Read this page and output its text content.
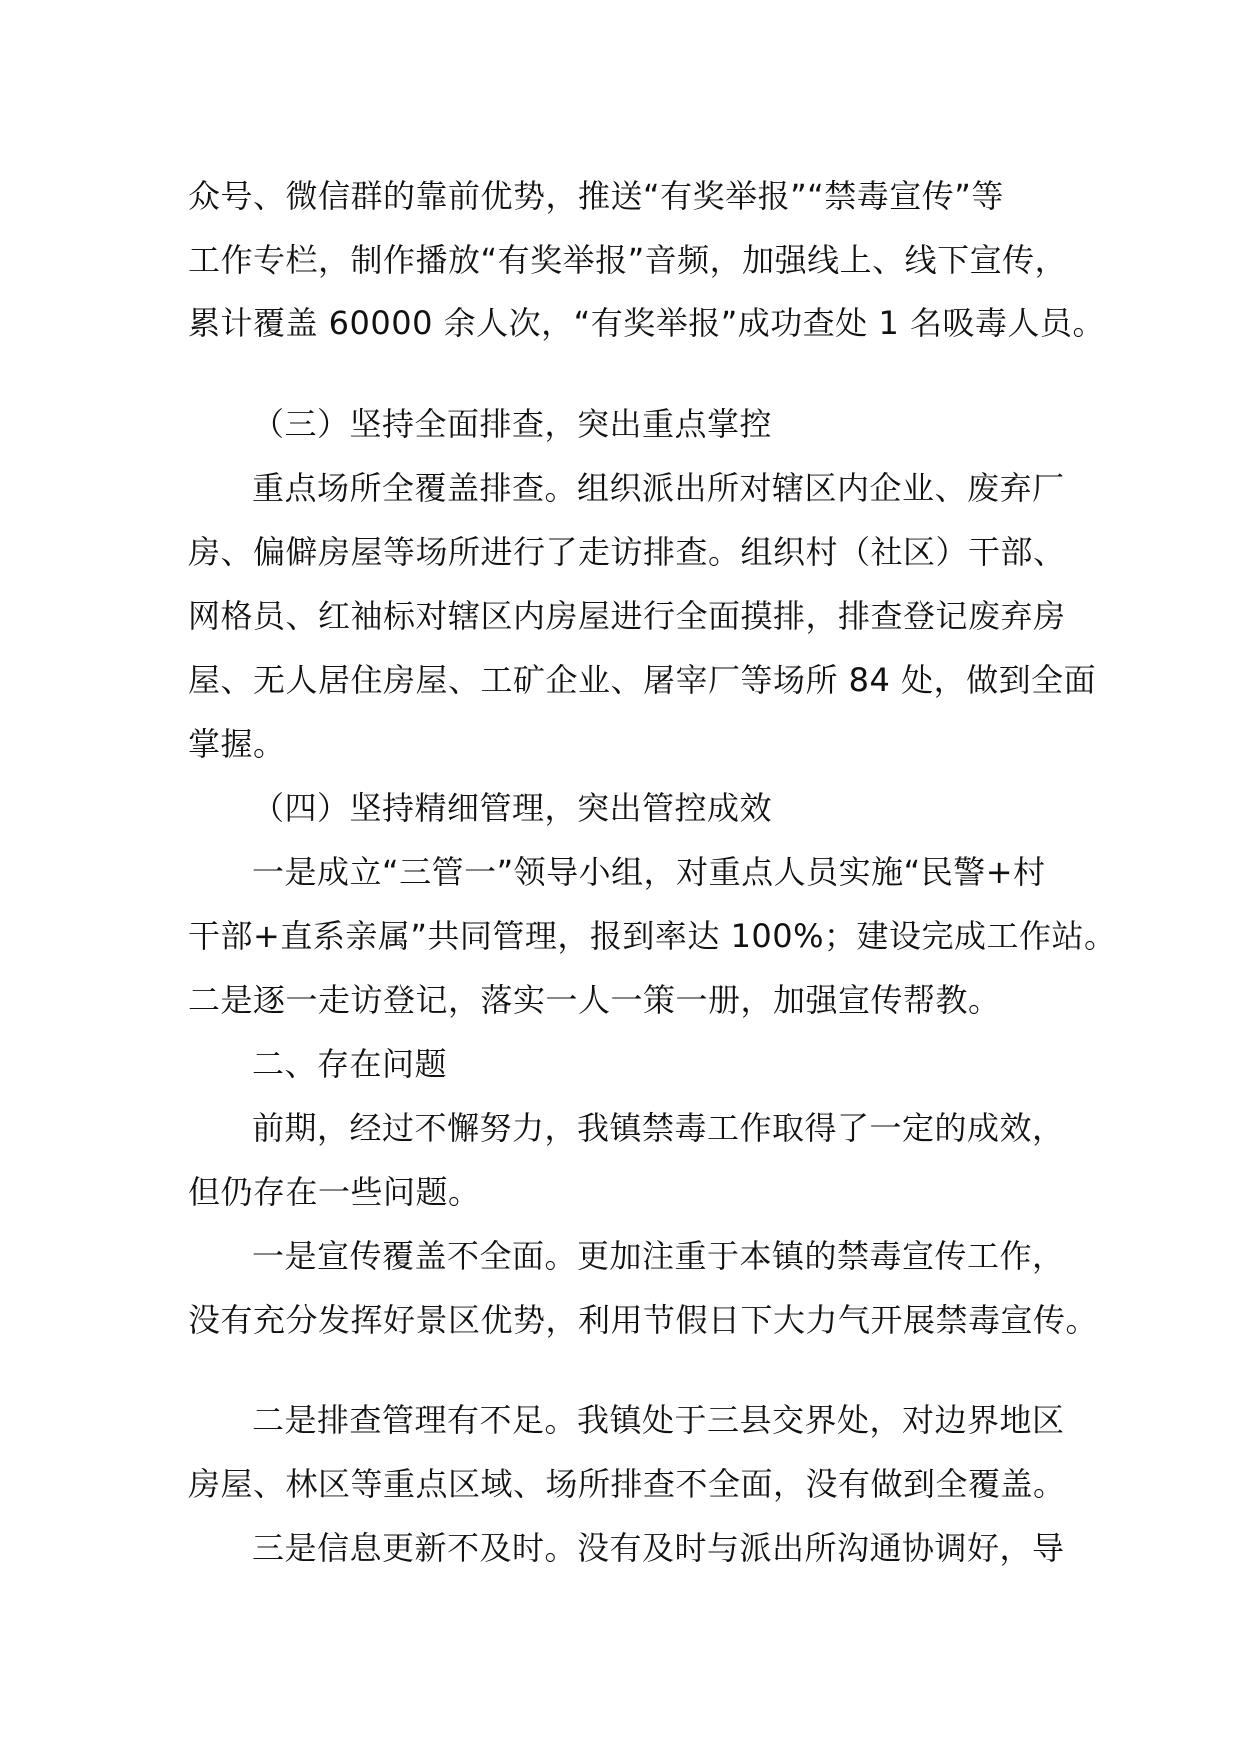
众号、微信群的靠前优势，推送“有奖举报”“禁毒宣传”等
工作专栏，制作播放“有奖举报”音频，加强线上、线下宣传，
累计覆盖 60000 余人次，“有奖举报”成功查处 1 名吸毒人员。
（三）坚持全面排查，突出重点掌控
重点场所全覆盖排查。组织派出所对辖区内企业、废弃厂
房、偏僻房屋等场所进行了走访排查。组织村（社区）干部、
网格员、红袖标对辖区内房屋进行全面摸排，排查登记废弃房
屋、无人居住房屋、工矿企业、屠宰厂等场所 84 处，做到全面
掌握。
（四）坚持精细管理，突出管控成效
一是成立“三管一”领导小组，对重点人员实施“民警+村
干部+直系亲属”共同管理，报到率达 100%；建设完成工作站。
二是逐一走访登记，落实一人一策一册，加强宣传帮教。
二、存在问题
前期，经过不懈努力，我镇禁毒工作取得了一定的成效，
但仍存在一些问题。
一是宣传覆盖不全面。更加注重于本镇的禁毒宣传工作，
没有充分发挥好景区优势，利用节假日下大力气开展禁毒宣传。
二是排查管理有不足。我镇处于三县交界处，对边界地区
房屋、林区等重点区域、场所排查不全面，没有做到全覆盖。
三是信息更新不及时。没有及时与派出所沟通协调好，导
